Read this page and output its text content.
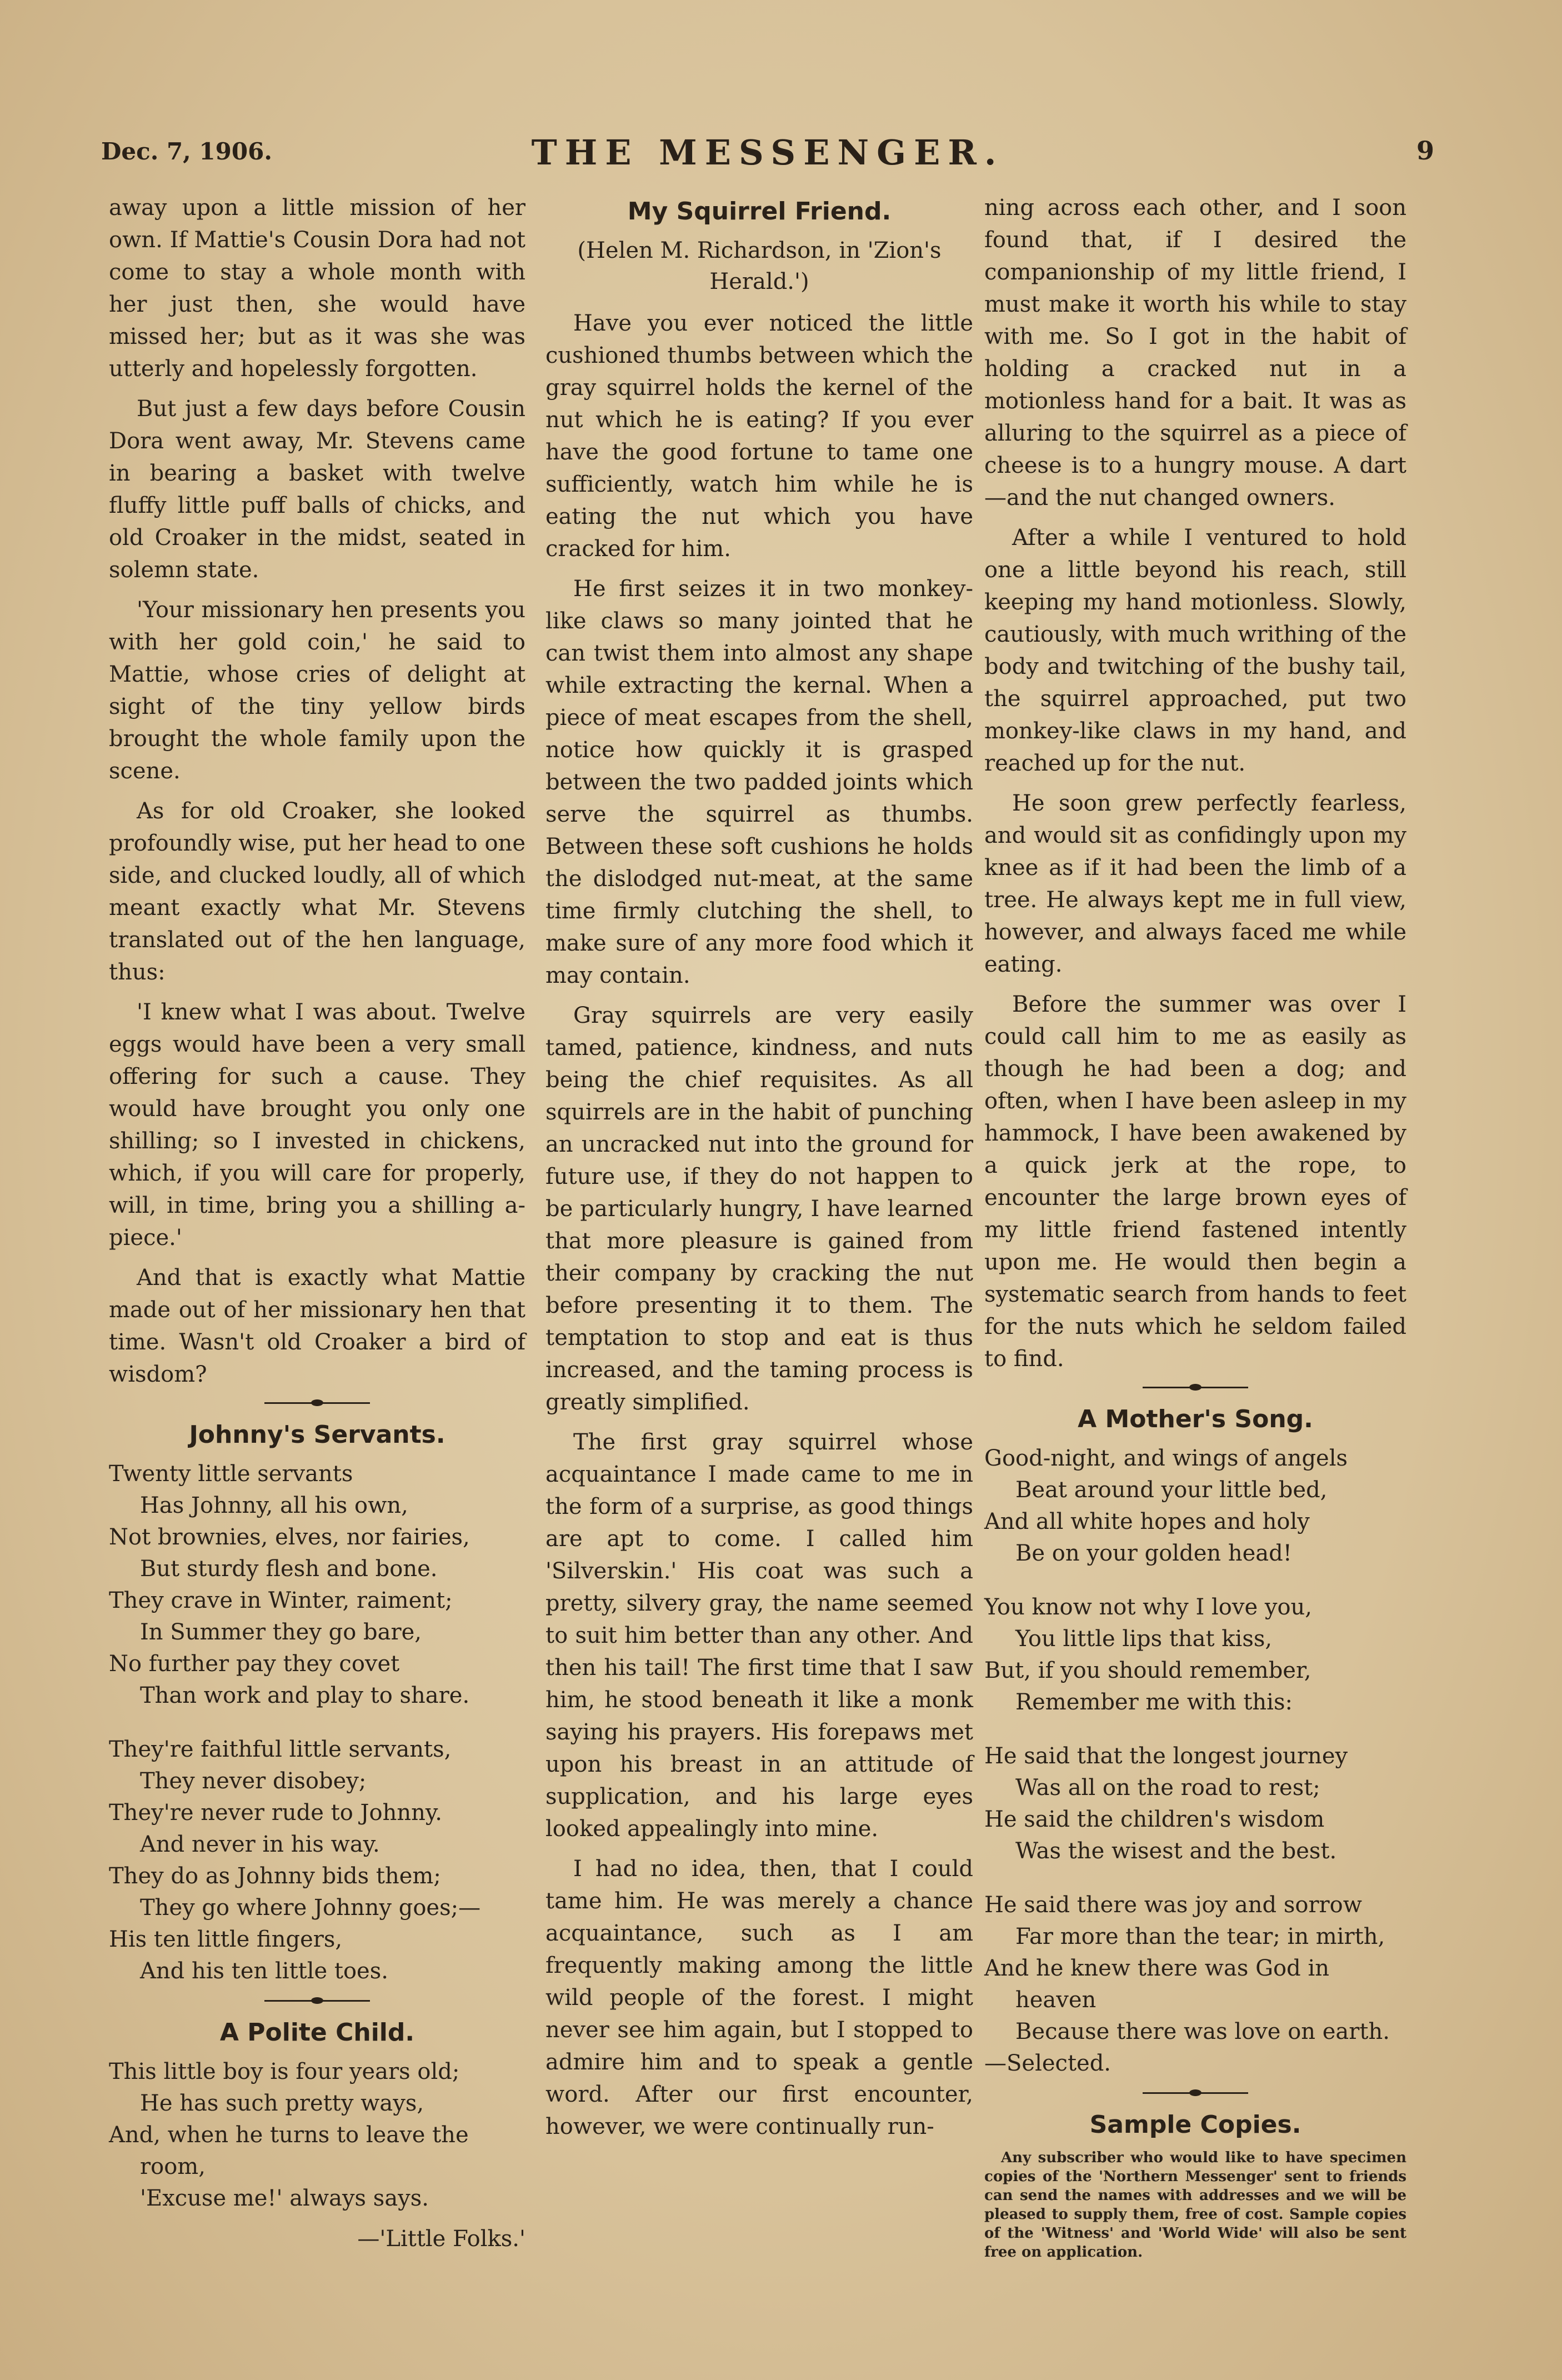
Dec. 7, 1906.	THE MESSENGER.	9

away upon a little mission of her own. If Mattie's Cousin Dora had not come to stay a whole month with her just then, she would have missed her; but as it was she was utterly and hopelessly forgotten.

But just a few days before Cousin Dora went away, Mr. Stevens came in bearing a basket with twelve fluffy little puff balls of chicks, and old Croaker in the midst, seated in solemn state.

'Your missionary hen presents you with her gold coin,' he said to Mattie, whose cries of delight at sight of the tiny yellow birds brought the whole family upon the scene.

As for old Croaker, she looked profoundly wise, put her head to one side, and clucked loudly, all of which meant exactly what Mr. Stevens translated out of the hen language, thus:

'I knew what I was about. Twelve eggs would have been a very small offering for such a cause. They would have brought you only one shilling; so I invested in chickens, which, if you will care for properly, will, in time, bring you a shilling a-piece.'

And that is exactly what Mattie made out of her missionary hen that time. Wasn't old Croaker a bird of wisdom?

Johnny's Servants.
Twenty little servants
Has Johnny, all his own,
Not brownies, elves, nor fairies,
But sturdy flesh and bone.
They crave in Winter, raiment;
In Summer they go bare,
No further pay they covet
Than work and play to share.
They're faithful little servants,
They never disobey;
They're never rude to Johnny.
And never in his way.
They do as Johnny bids them;
They go where Johnny goes;—
His ten little fingers,
And his ten little toes.
A Polite Child.
This little boy is four years old;
He has such pretty ways,
And, when he turns to leave the
room,
'Excuse me!' always says.

—'Little Folks.'

My Squirrel Friend.
(Helen M. Richardson, in 'Zion's Herald.')

Have you ever noticed the little cushioned thumbs between which the gray squirrel holds the kernel of the nut which he is eating? If you ever have the good fortune to tame one sufficiently, watch him while he is eating the nut which you have cracked for him.

He first seizes it in two monkey-like claws so many jointed that he can twist them into almost any shape while extracting the kernal. When a piece of meat escapes from the shell, notice how quickly it is grasped between the two padded joints which serve the squirrel as thumbs. Between these soft cushions he holds the dislodged nut-meat, at the same time firmly clutching the shell, to make sure of any more food which it may contain.

Gray squirrels are very easily tamed, patience, kindness, and nuts being the chief requisites. As all squirrels are in the habit of punching an uncracked nut into the ground for future use, if they do not happen to be particularly hungry, I have learned that more pleasure is gained from their company by cracking the nut before presenting it to them. The temptation to stop and eat is thus increased, and the taming process is greatly simplified.

The first gray squirrel whose acquaintance I made came to me in the form of a surprise, as good things are apt to come. I called him 'Silverskin.' His coat was such a pretty, silvery gray, the name seemed to suit him better than any other. And then his tail! The first time that I saw him, he stood beneath it like a monk saying his prayers. His forepaws met upon his breast in an attitude of supplication, and his large eyes looked appealingly into mine.

I had no idea, then, that I could tame him. He was merely a chance acquaintance, such as I am frequently making among the little wild people of the forest. I might never see him again, but I stopped to admire him and to speak a gentle word. After our first encounter, however, we were continually run-

ning across each other, and I soon found that, if I desired the companionship of my little friend, I must make it worth his while to stay with me. So I got in the habit of holding a cracked nut in a motionless hand for a bait. It was as alluring to the squirrel as a piece of cheese is to a hungry mouse. A dart—and the nut changed owners.

After a while I ventured to hold one a little beyond his reach, still keeping my hand motionless. Slowly, cautiously, with much writhing of the body and twitching of the bushy tail, the squirrel approached, put two monkey-like claws in my hand, and reached up for the nut.

He soon grew perfectly fearless, and would sit as confidingly upon my knee as if it had been the limb of a tree. He always kept me in full view, however, and always faced me while eating.

Before the summer was over I could call him to me as easily as though he had been a dog; and often, when I have been asleep in my hammock, I have been awakened by a quick jerk at the rope, to encounter the large brown eyes of my little friend fastened intently upon me. He would then begin a systematic search from hands to feet for the nuts which he seldom failed to find.

A Mother's Song.
Good-night, and wings of angels
Beat around your little bed,
And all white hopes and holy
Be on your golden head!
You know not why I love you,
You little lips that kiss,
But, if you should remember,
Remember me with this:
He said that the longest journey
Was all on the road to rest;
He said the children's wisdom
Was the wisest and the best.
He said there was joy and sorrow
Far more than the tear; in mirth,
And he knew there was God in
heaven
Because there was love on earth.
—Selected.
Sample Copies.

Any subscriber who would like to have specimen copies of the 'Northern Messenger' sent to friends can send the names with addresses and we will be pleased to supply them, free of cost. Sample copies of the 'Witness' and 'World Wide' will also be sent free on application.
